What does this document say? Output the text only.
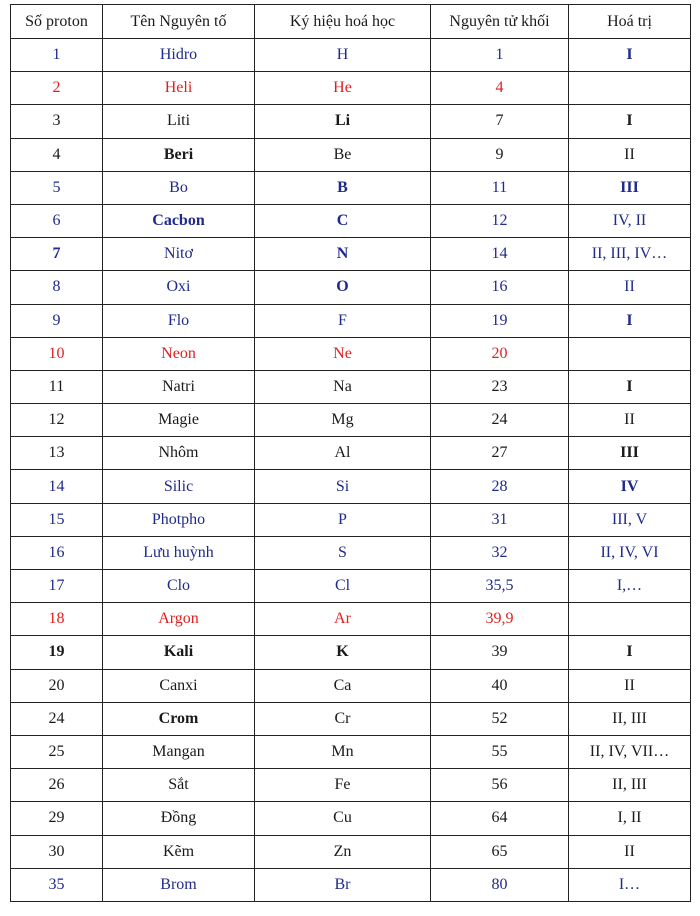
Số proton	Tên Nguyên tố	Ký hiệu hoá học	Nguyên tử khối	Hoá trị
1	Hidro	H	1	I
2	Heli	He	4	
3	Liti	Li	7	I
4	Beri	Be	9	II
5	Bo	B	11	III
6	Cacbon	C	12	IV, II
7	Nitơ	N	14	II, III, IV…
8	Oxi	O	16	II
9	Flo	F	19	I
10	Neon	Ne	20	
11	Natri	Na	23	I
12	Magie	Mg	24	II
13	Nhôm	Al	27	III
14	Silic	Si	28	IV
15	Photpho	P	31	III, V
16	Lưu huỳnh	S	32	II, IV, VI
17	Clo	Cl	35,5	I,…
18	Argon	Ar	39,9	
19	Kali	K	39	I
20	Canxi	Ca	40	II
24	Crom	Cr	52	II, III
25	Mangan	Mn	55	II, IV, VII…
26	Sắt	Fe	56	II, III
29	Đồng	Cu	64	I, II
30	Kẽm	Zn	65	II
35	Brom	Br	80	I…
